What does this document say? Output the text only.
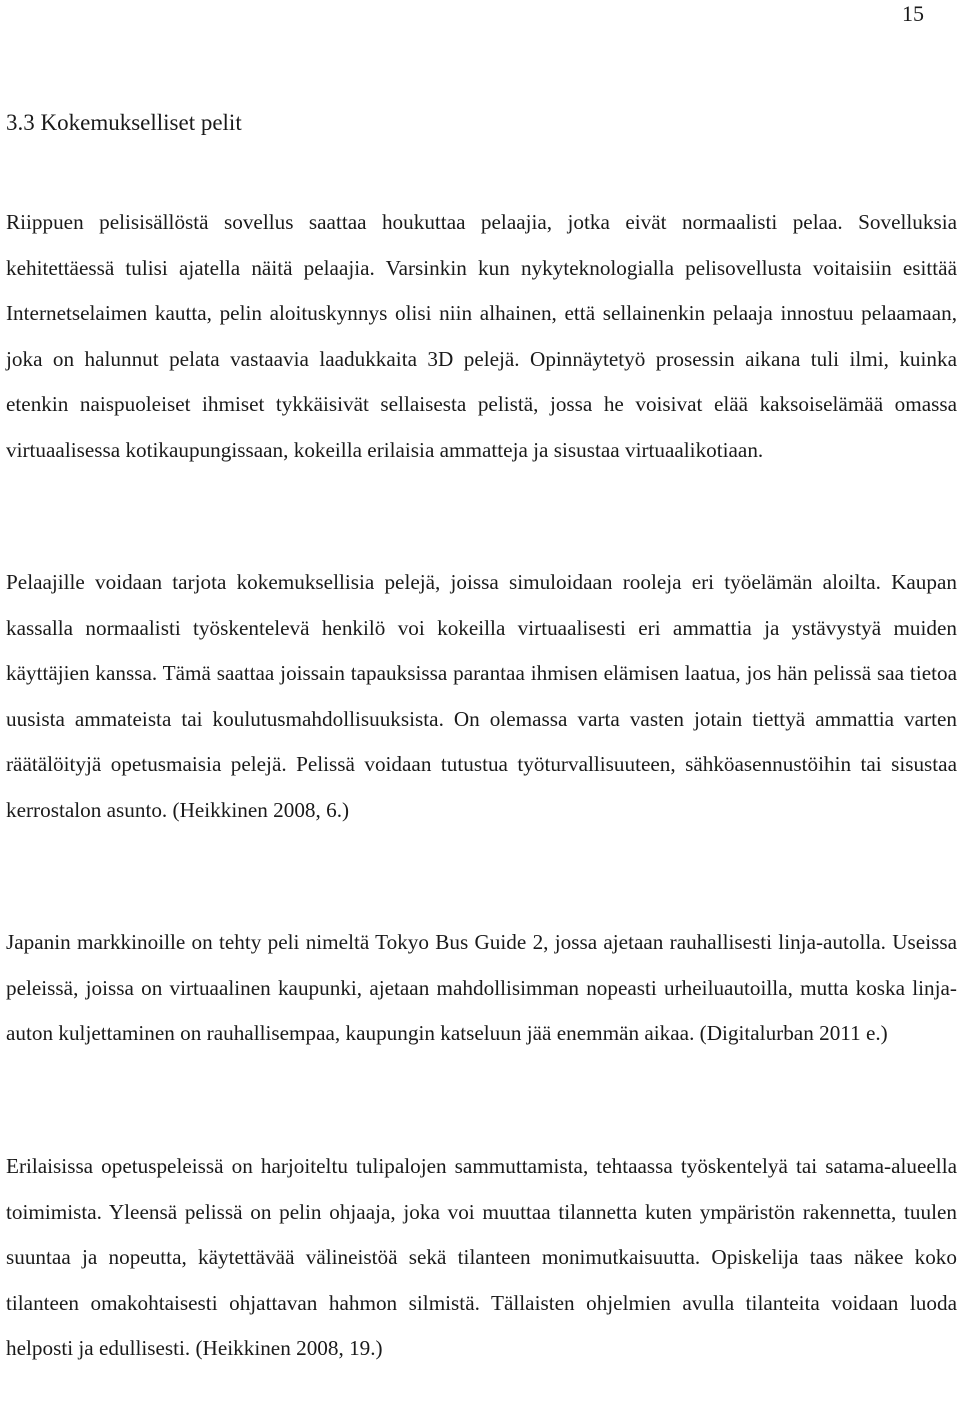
15
3.3 Kokemukselliset pelit

Riippuen pelisisällöstä sovellus saattaa houkuttaa pelaajia, jotka eivät normaalisti pelaa. Sovelluksia kehitettäessä tulisi ajatella näitä pelaajia. Varsinkin kun nykyteknologialla pelisovellusta voitaisiin esittää Internetselaimen kautta, pelin aloituskynnys olisi niin alhainen, että sellainenkin pelaaja innostuu pelaamaan, joka on halunnut pelata vastaavia laadukkaita 3D pelejä. Opinnäytetyö prosessin aikana tuli ilmi, kuinka etenkin naispuoleiset ihmiset tykkäisivät sellaisesta pelistä, jossa he voisivat elää kaksoiselämää omassa virtuaalisessa kotikaupungissaan, kokeilla erilaisia ammatteja ja sisustaa virtuaalikotiaan.

Pelaajille voidaan tarjota kokemuksellisia pelejä, joissa simuloidaan rooleja eri työelämän aloilta. Kaupan kassalla normaalisti työskentelevä henkilö voi kokeilla virtuaalisesti eri ammattia ja ystävystyä muiden käyttäjien kanssa. Tämä saattaa joissain tapauksissa parantaa ihmisen elämisen laatua, jos hän pelissä saa tietoa uusista ammateista tai koulutusmahdollisuuksista. On olemassa varta vasten jotain tiettyä ammattia varten räätälöityjä opetusmaisia pelejä. Pelissä voidaan tutustua työturvallisuuteen, sähköasennustöihin tai sisustaa kerrostalon asunto. (Heikkinen 2008, 6.)

Japanin markkinoille on tehty peli nimeltä Tokyo Bus Guide 2, jossa ajetaan rauhallisesti linja-autolla. Useissa peleissä, joissa on virtuaalinen kaupunki, ajetaan mahdollisimman nopeasti urheiluautoilla, mutta koska linja-auton kuljettaminen on rauhallisempaa, kaupungin katseluun jää enemmän aikaa. (Digitalurban 2011 e.)

Erilaisissa opetuspeleissä on harjoiteltu tulipalojen sammuttamista, tehtaassa työskentelyä tai satama-alueella toimimista. Yleensä pelissä on pelin ohjaaja, joka voi muuttaa tilannetta kuten ympäristön rakennetta, tuulen suuntaa ja nopeutta, käytettävää välineistöä sekä tilanteen monimutkaisuutta. Opiskelija taas näkee koko tilanteen omakohtaisesti ohjattavan hahmon silmistä. Tällaisten ohjelmien avulla tilanteita voidaan luoda helposti ja edullisesti. (Heikkinen 2008, 19.)
